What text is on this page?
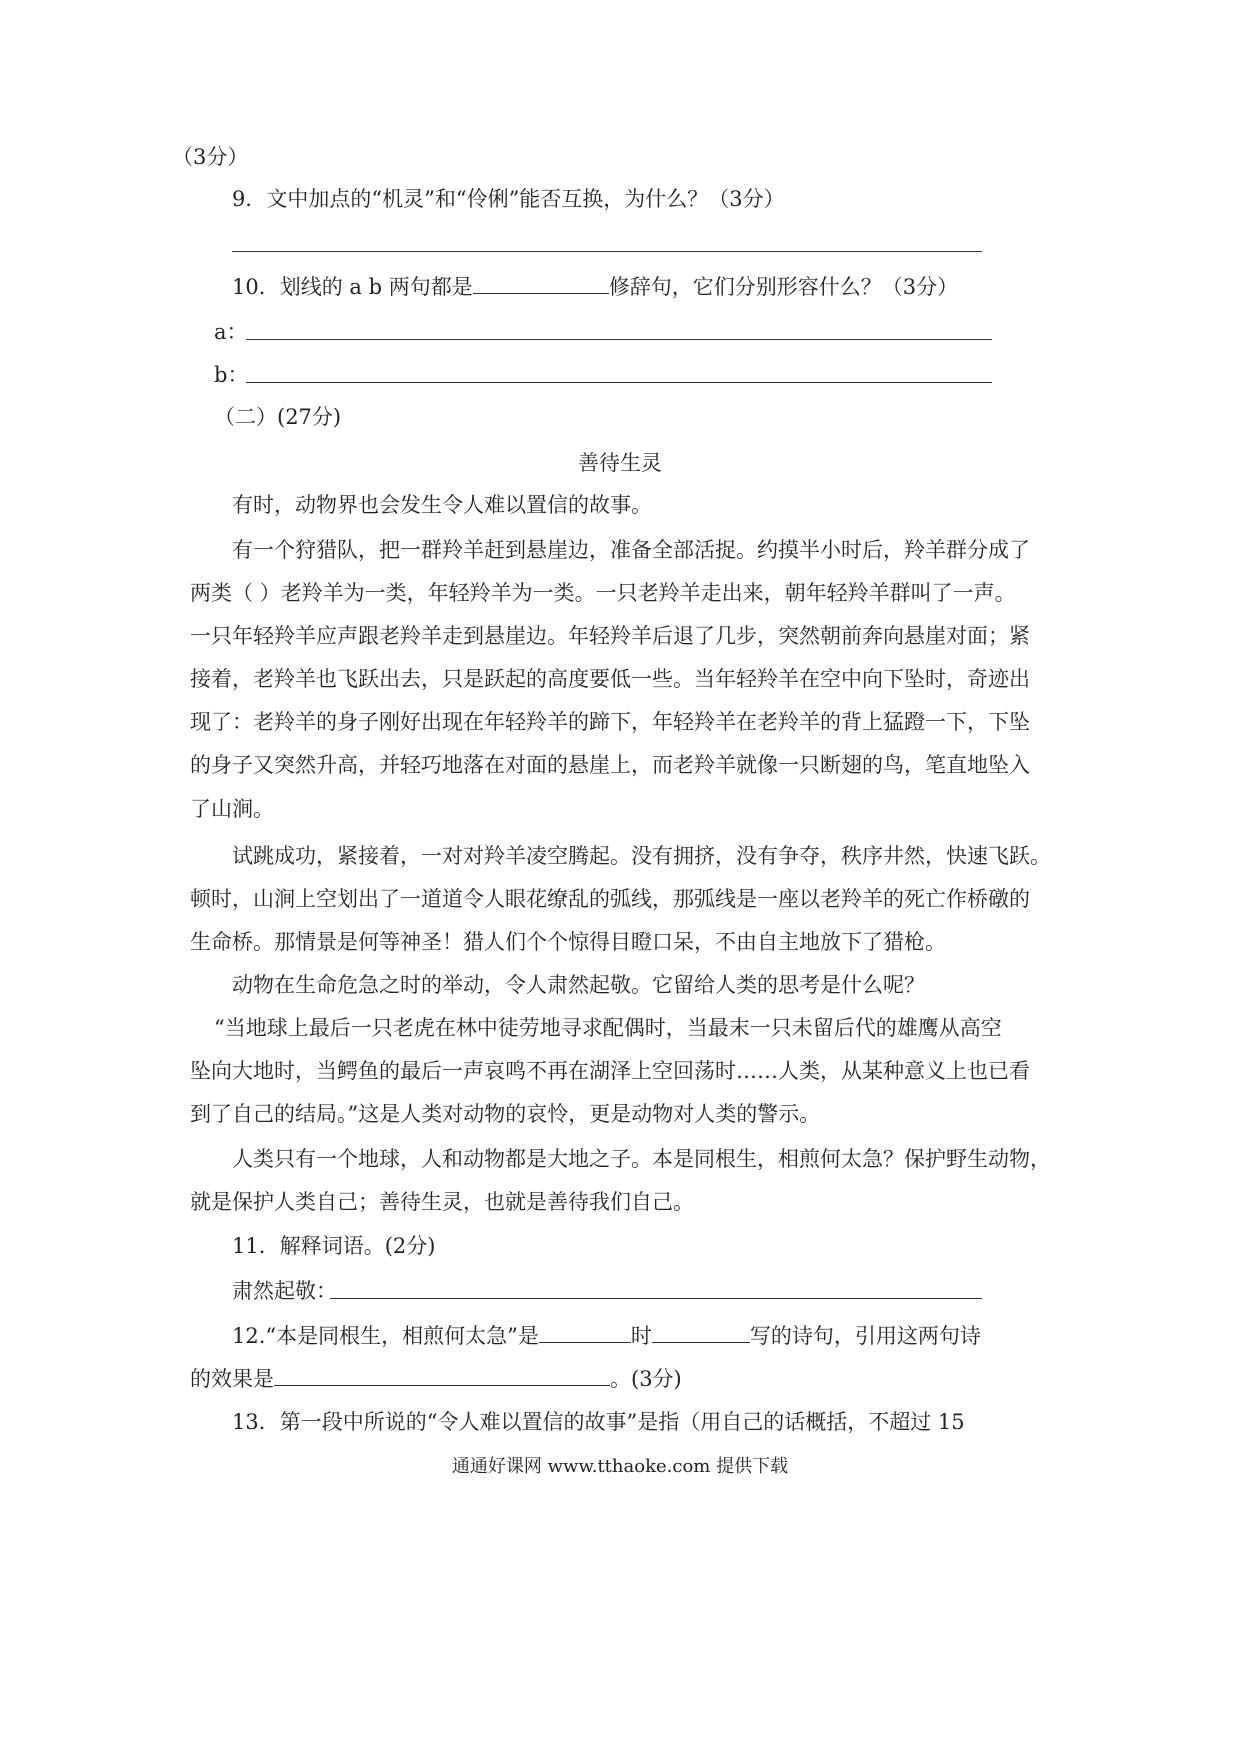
（3分）
9．文中加点的“机灵”和“伶俐”能否互换，为什么？（3分）
10．划线的 a b 两句都是	修辞句，它们分别形容什么？（3分）
a：
b：
（二）(27分)
善待生灵
有时，动物界也会发生令人难以置信的故事。
有一个狩猎队，把一群羚羊赶到悬崖边，准备全部活捉。约摸半小时后，羚羊群分成了
两类（ ）老羚羊为一类，年轻羚羊为一类。一只老羚羊走出来，朝年轻羚羊群叫了一声。
一只年轻羚羊应声跟老羚羊走到悬崖边。年轻羚羊后退了几步，突然朝前奔向悬崖对面；紧
接着，老羚羊也飞跃出去，只是跃起的高度要低一些。当年轻羚羊在空中向下坠时，奇迹出
现了：老羚羊的身子刚好出现在年轻羚羊的蹄下，年轻羚羊在老羚羊的背上猛蹬一下，下坠
的身子又突然升高，并轻巧地落在对面的悬崖上，而老羚羊就像一只断翅的鸟，笔直地坠入
了山涧。
试跳成功，紧接着，一对对羚羊凌空腾起。没有拥挤，没有争夺，秩序井然，快速飞跃。
顿时，山涧上空划出了一道道令人眼花缭乱的弧线，那弧线是一座以老羚羊的死亡作桥礅的
生命桥。那情景是何等神圣！猎人们个个惊得目瞪口呆，不由自主地放下了猎枪。
动物在生命危急之时的举动，令人肃然起敬。它留给人类的思考是什么呢？
“当地球上最后一只老虎在林中徒劳地寻求配偶时，当最末一只未留后代的雄鹰从高空
坠向大地时，当鳄鱼的最后一声哀鸣不再在湖泽上空回荡时……人类，从某种意义上也已看
到了自己的结局。”这是人类对动物的哀怜，更是动物对人类的警示。
人类只有一个地球，人和动物都是大地之子。本是同根生，相煎何太急？保护野生动物，
就是保护人类自己；善待生灵，也就是善待我们自己。
11．解释词语。(2分)
肃然起敬：
12.“本是同根生，相煎何太急”是	时	写的诗句，引用这两句诗
的效果是	。(3分)
13．第一段中所说的“令人难以置信的故事”是指（用自己的话概括，不超过 15
通通好课网 www.tthaoke.com 提供下载
